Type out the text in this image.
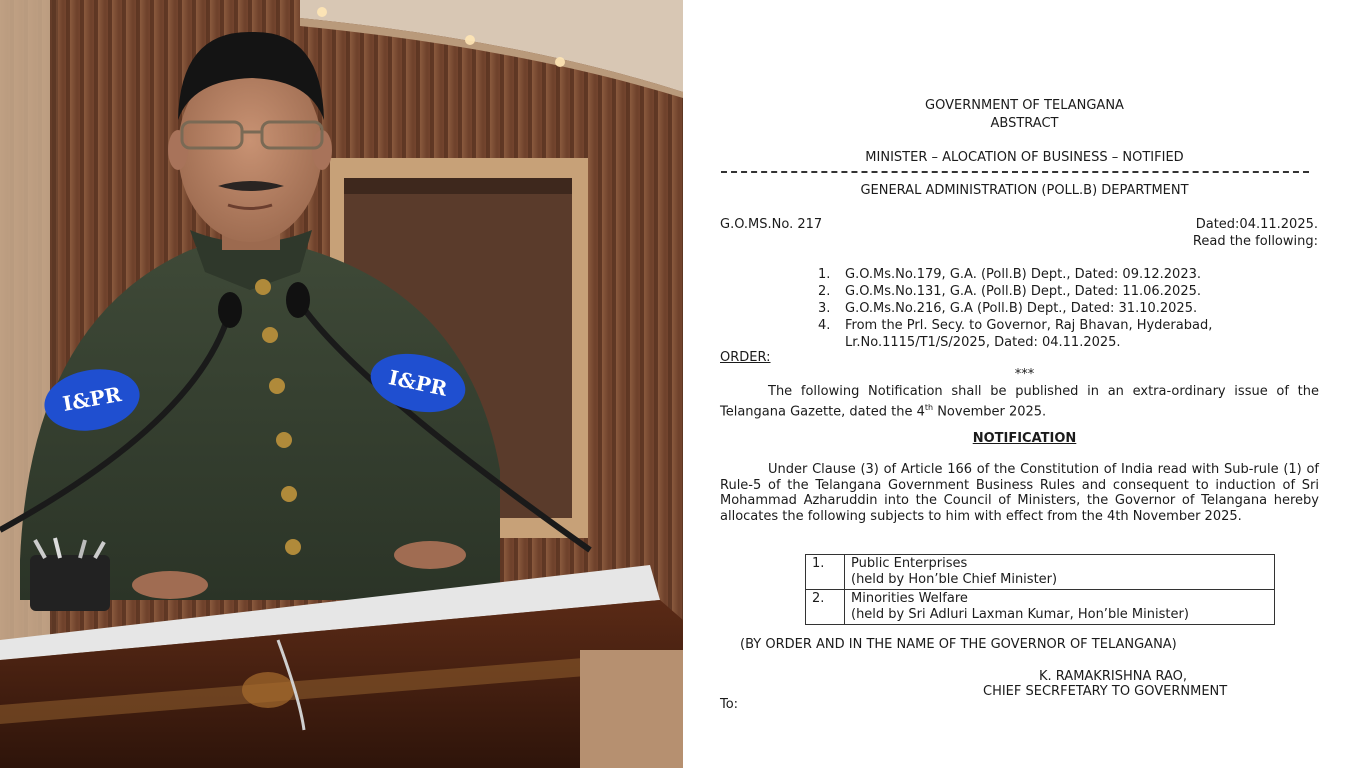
I&PR	I&PR
GOVERNMENT OF TELANGANA
ABSTRACT
MINISTER – ALOCATION OF BUSINESS – NOTIFIED
GENERAL ADMINISTRATION (POLL.B) DEPARTMENT
G.O.MS.No. 217	Dated:04.11.2025.
Read the following:
1. G.O.Ms.No.179, G.A. (Poll.B) Dept., Dated: 09.12.2023.
2. G.O.Ms.No.131, G.A. (Poll.B) Dept., Dated: 11.06.2025.
3. G.O.Ms.No.216, G.A (Poll.B) Dept., Dated: 31.10.2025.
4. From the Prl. Secy. to Governor, Raj Bhavan, Hyderabad,
Lr.No.1115/T1/S/2025, Dated: 04.11.2025.
ORDER:
***
The following Notification shall be published in an extra-ordinary issue of the Telangana Gazette, dated the 4th November 2025.
NOTIFICATION
Under Clause (3) of Article 166 of the Constitution of India read with Sub-rule (1) of Rule-5 of the Telangana Government Business Rules and consequent to induction of Sri Mohammad Azharuddin into the Council of Ministers, the Governor of Telangana hereby allocates the following subjects to him with effect from the 4th November 2025.
1.	Public Enterprises
(held by Hon’ble Chief Minister)

2.	Minorities Welfare
(held by Sri Adluri Laxman Kumar, Hon’ble Minister)
(BY ORDER AND IN THE NAME OF THE GOVERNOR OF TELANGANA)
K. RAMAKRISHNA RAO,
CHIEF SECRFETARY TO GOVERNMENT
To:
